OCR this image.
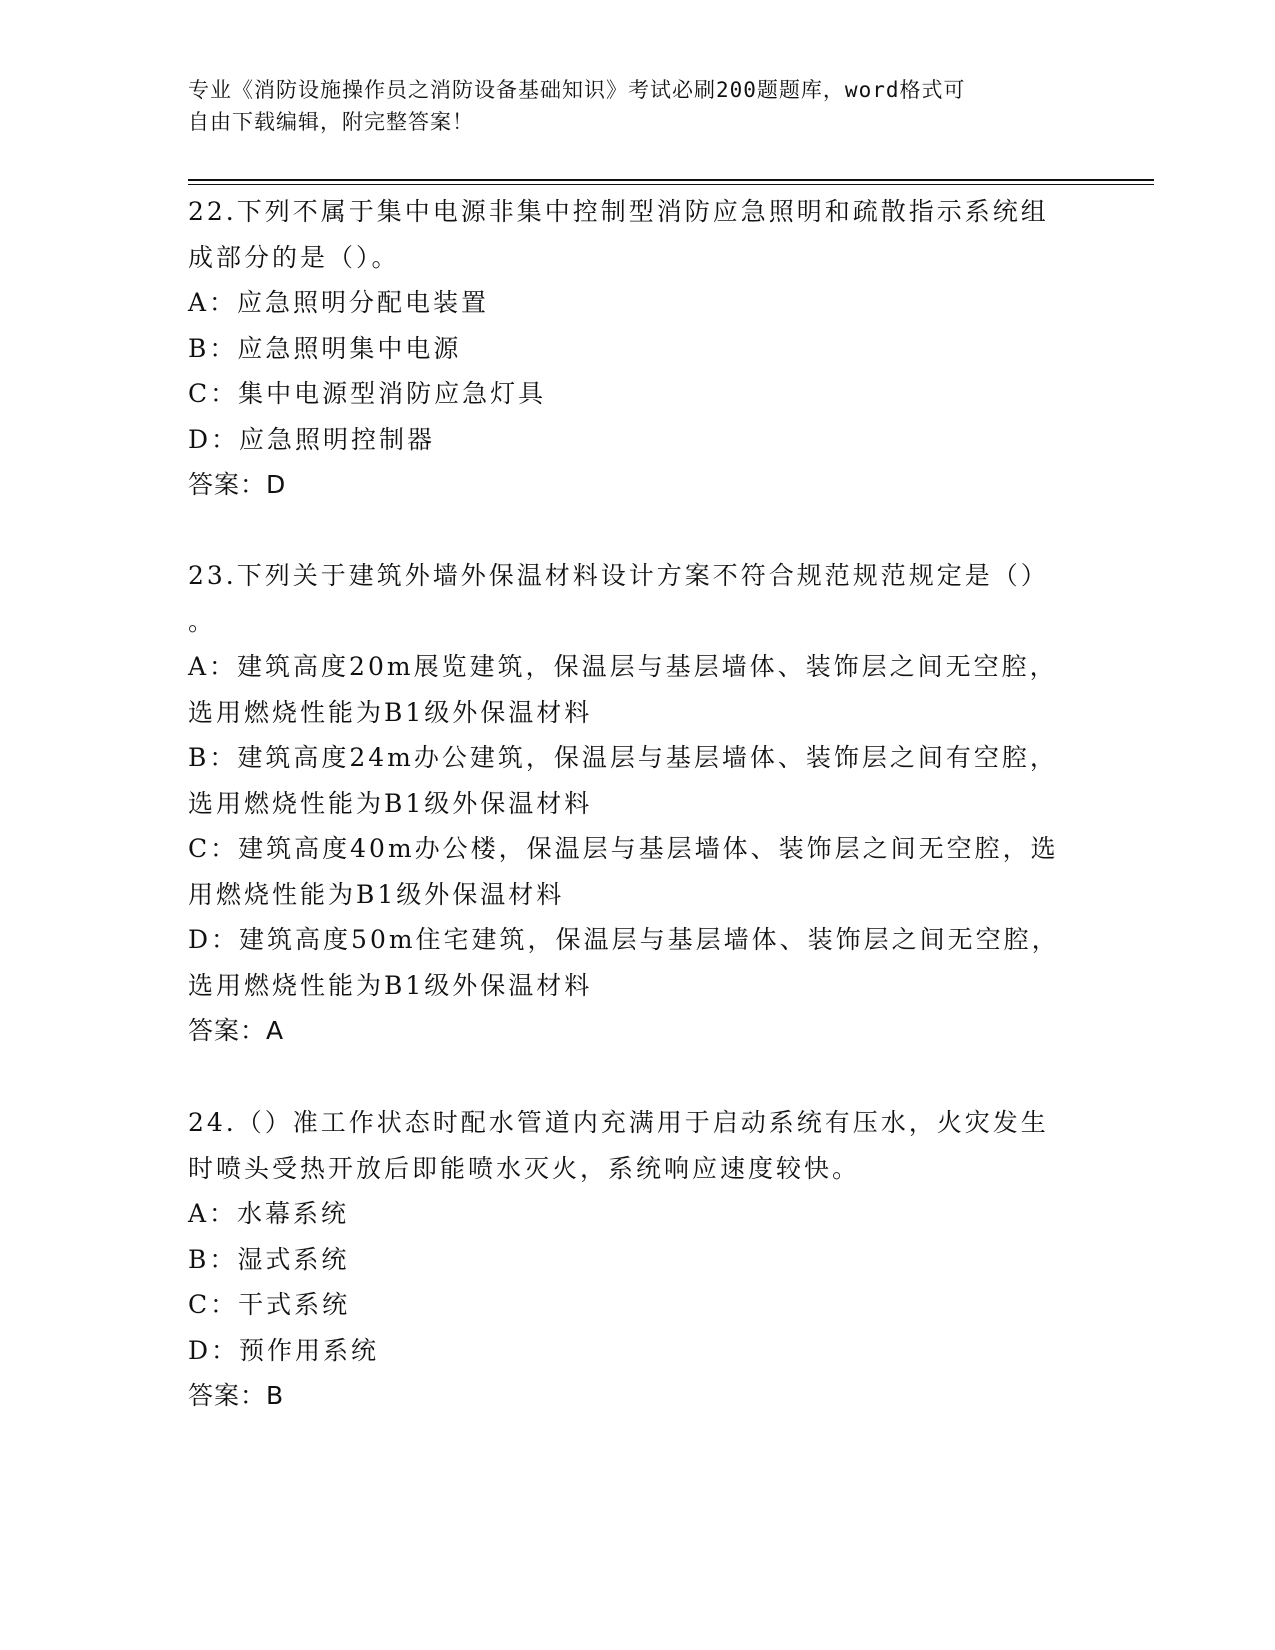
专业《消防设施操作员之消防设备基础知识》考试必刷200题题库，word格式可
自由下载编辑，附完整答案！
22.下列不属于集中电源非集中控制型消防应急照明和疏散指示系统组
成部分的是（）。
A：应急照明分配电装置
B：应急照明集中电源
C：集中电源型消防应急灯具
D：应急照明控制器
答案：D
23.下列关于建筑外墙外保温材料设计方案不符合规范规范规定是（）
。
A：建筑高度20m展览建筑，保温层与基层墙体、装饰层之间无空腔，
选用燃烧性能为B1级外保温材料
B：建筑高度24m办公建筑，保温层与基层墙体、装饰层之间有空腔，
选用燃烧性能为B1级外保温材料
C：建筑高度40m办公楼，保温层与基层墙体、装饰层之间无空腔，选
用燃烧性能为B1级外保温材料
D：建筑高度50m住宅建筑，保温层与基层墙体、装饰层之间无空腔，
选用燃烧性能为B1级外保温材料
答案：A
24.（）准工作状态时配水管道内充满用于启动系统有压水，火灾发生
时喷头受热开放后即能喷水灭火，系统响应速度较快。
A：水幕系统
B：湿式系统
C：干式系统
D：预作用系统
答案：B
